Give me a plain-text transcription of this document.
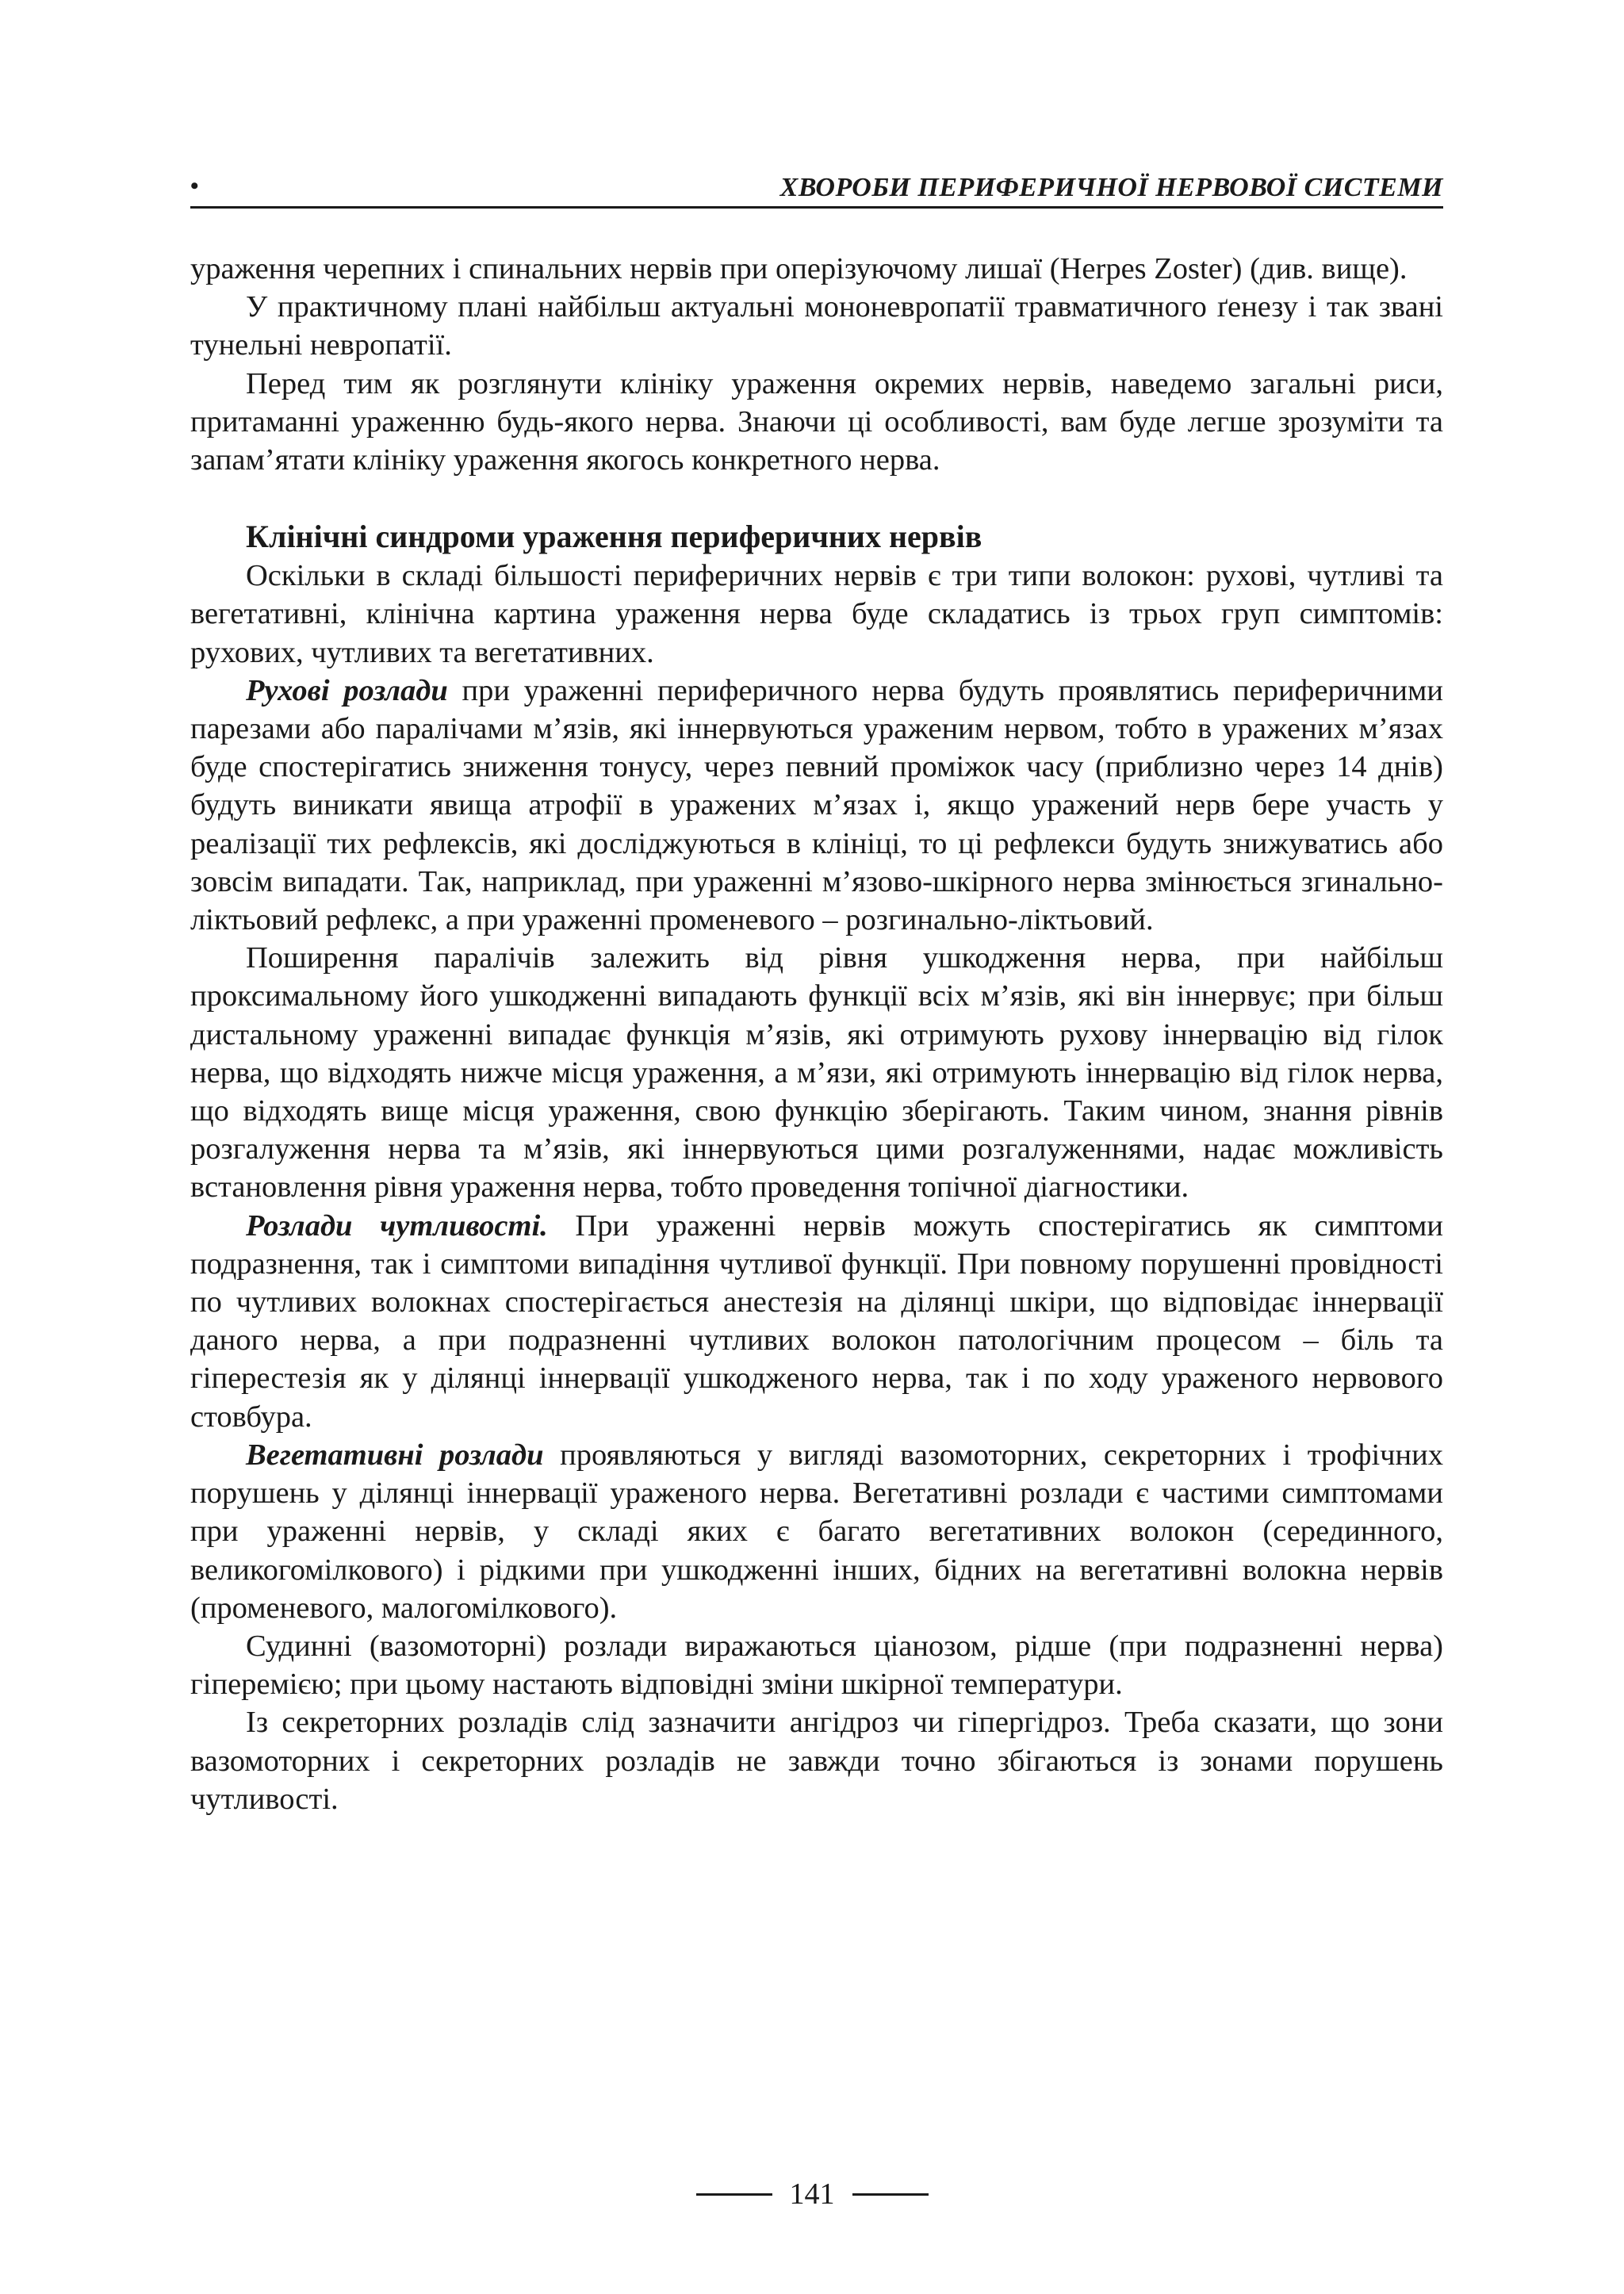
•	ХВОРОБИ ПЕРИФЕРИЧНОЇ НЕРВОВОЇ СИСТЕМИ

ураження черепних і спинальних нервів при оперізуючому лишаї (Herpes Zoster) (див. вище).

У практичному плані найбільш актуальні мононевропатії травматичного ґенезу і так звані тунельні невропатії.

Перед тим як розглянути клініку ураження окремих нервів, наведемо загальні риси, притаманні ураженню будь-якого нерва. Знаючи ці особливості, вам буде легше зрозуміти та запам’ятати клініку ураження якогось конкретного нерва.

Клінічні синдроми ураження периферичних нервів

Оскільки в складі більшості периферичних нервів є три типи волокон: рухові, чутливі та вегетативні, клінічна картина ураження нерва буде складатись із трьох груп симптомів: рухових, чутливих та вегетативних.

Рухові розлади при ураженні периферичного нерва будуть проявлятись периферичними парезами або паралічами м’язів, які іннервуються ураженим нервом, тобто в уражених м’язах буде спостерігатись зниження тонусу, через певний проміжок часу (приблизно через 14 днів) будуть виникати явища атрофії в уражених м’язах і, якщо уражений нерв бере участь у реалізації тих рефлексів, які досліджуються в клініці, то ці рефлекси будуть знижуватись або зовсім випадати. Так, наприклад, при ураженні м’язово-шкірного нерва змінюється згинально-ліктьовий рефлекс, а при ураженні променевого – розгинально-ліктьовий.

Поширення паралічів залежить від рівня ушкодження нерва, при найбільш проксимальному його ушкодженні випадають функції всіх м’язів, які він іннервує; при більш дистальному ураженні випадає функція м’язів, які отримують рухову іннервацію від гілок нерва, що відходять нижче місця ураження, а м’язи, які отримують іннервацію від гілок нерва, що відходять вище місця ураження, свою функцію зберігають. Таким чином, знання рівнів розгалуження нерва та м’язів, які іннервуються цими розгалуженнями, надає можливість встановлення рівня ураження нерва, тобто проведення топічної діагностики.

Розлади чутливості. При ураженні нервів можуть спостерігатись як симптоми подразнення, так і симптоми випадіння чутливої функції. При повному порушенні провідності по чутливих волокнах спостерігається анестезія на ділянці шкіри, що відповідає іннервації даного нерва, а при подразненні чутливих волокон патологічним процесом – біль та гіперестезія як у ділянці іннервації ушкодженого нерва, так і по ходу ураженого нервового стовбура.

Вегетативні розлади проявляються у вигляді вазомоторних, секреторних і трофічних порушень у ділянці іннервації ураженого нерва. Вегетативні розлади є частими симптомами при ураженні нервів, у складі яких є багато вегетативних волокон (серединного, великогомілкового) і рідкими при ушкодженні інших, бідних на вегетативні волокна нервів (променевого, малогомілкового).

Судинні (вазомоторні) розлади виражаються ціанозом, рідше (при подразненні нерва) гіперемією; при цьому настають відповідні зміни шкірної температури.

Із секреторних розладів слід зазначити ангідроз чи гіпергідроз. Треба сказати, що зони вазомоторних і секреторних розладів не завжди точно збігаються із зонами порушень чутливості.

141
